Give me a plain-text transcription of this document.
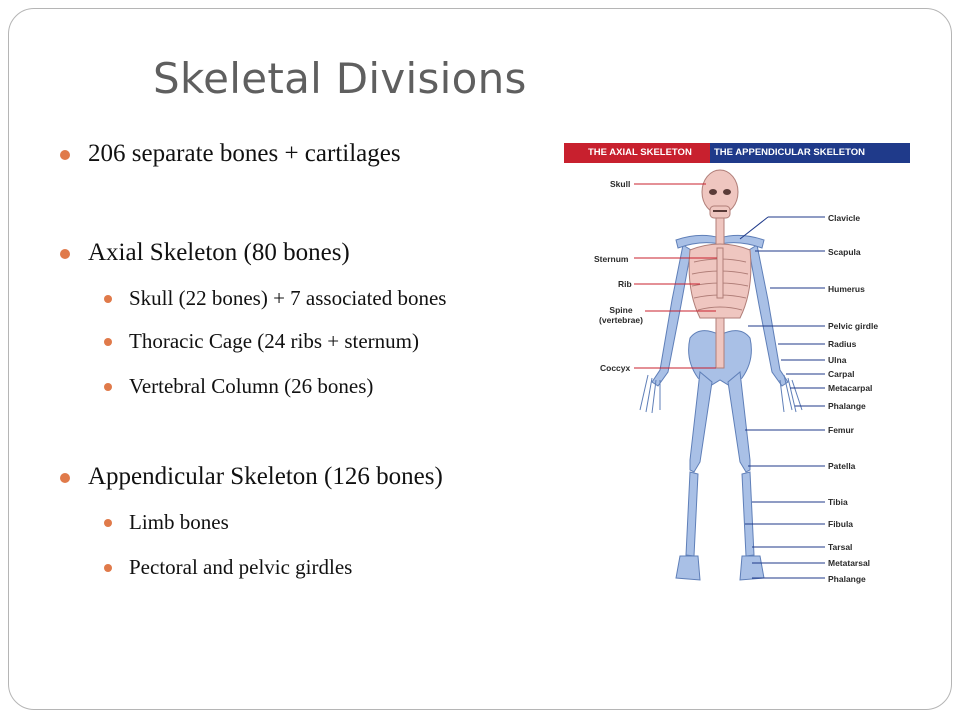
Skeletal Divisions
206 separate bones + cartilages
Axial Skeleton (80 bones)
Skull (22 bones) + 7 associated bones
Thoracic Cage (24 ribs + sternum)
Vertebral Column (26 bones)
Appendicular Skeleton (126 bones)
Limb bones
Pectoral and pelvic girdles
THE AXIAL SKELETON	THE APPENDICULAR SKELETON
Skull
Sternum
Rib
Spine
(vertebrae)
Coccyx
Clavicle
Scapula
Humerus
Pelvic girdle
Radius
Ulna
Carpal
Metacarpal
Phalange
Femur
Patella
Tibia
Fibula
Tarsal
Metatarsal
Phalange
